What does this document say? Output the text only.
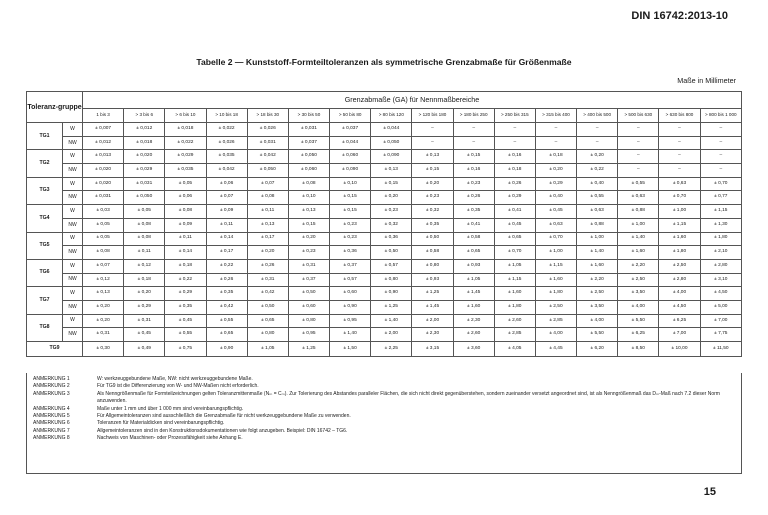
DIN 16742:2013-10
Tabelle 2 — Kunststoff-Formteiltoleranzen als symmetrische Grenzabmaße für Größenmaße
Maße in Millimeter
Toleranz-gruppe		Grenzabmaße (GA) für Nennmaßbereiche															
		1 bis 3	> 3 bis 6	> 6 bis 10	> 10 bis 18	> 18 bis 30	> 30 bis 50	> 50 bis 80	> 80 bis 120	> 120 bis 180	> 180 bis 250	> 250 bis 315	> 315 bis 400	> 400 bis 500	> 500 bis 630	> 630 bis 800	> 800 bis 1 000
TG1	W	± 0,007	± 0,012	± 0,018	± 0,022	± 0,026	± 0,031	± 0,037	± 0,044	–	–	–	–	–	–	–	–
	NW	± 0,012	± 0,018	± 0,022	± 0,026	± 0,031	± 0,037	± 0,044	± 0,050	–	–	–	–	–	–	–	–
TG2	W	± 0,013	± 0,020	± 0,029	± 0,035	± 0,042	± 0,050	± 0,060	± 0,090	± 0,13	± 0,15	± 0,16	± 0,18	± 0,20	–	–	–
	NW	± 0,020	± 0,029	± 0,035	± 0,042	± 0,050	± 0,060	± 0,090	± 0,13	± 0,15	± 0,16	± 0,18	± 0,20	± 0,22	–	–	–
TG3	W	± 0,020	± 0,031	± 0,05	± 0,06	± 0,07	± 0,08	± 0,10	± 0,15	± 0,20	± 0,23	± 0,26	± 0,29	± 0,40	± 0,55	± 0,63	± 0,70
	NW	± 0,031	± 0,050	± 0,06	± 0,07	± 0,08	± 0,10	± 0,15	± 0,20	± 0,23	± 0,26	± 0,29	± 0,40	± 0,55	± 0,63	± 0,70	± 0,77
TG4	W	± 0,03	± 0,05	± 0,08	± 0,09	± 0,11	± 0,13	± 0,15	± 0,23	± 0,32	± 0,35	± 0,41	± 0,45	± 0,63	± 0,88	± 1,00	± 1,15
	NW	± 0,05	± 0,08	± 0,09	± 0,11	± 0,13	± 0,15	± 0,23	± 0,32	± 0,35	± 0,41	± 0,45	± 0,63	± 0,88	± 1,00	± 1,15	± 1,30
TG5	W	± 0,05	± 0,08	± 0,11	± 0,14	± 0,17	± 0,20	± 0,23	± 0,36	± 0,50	± 0,58	± 0,65	± 0,70	± 1,00	± 1,40	± 1,60	± 1,80
	NW	± 0,08	± 0,11	± 0,14	± 0,17	± 0,20	± 0,23	± 0,36	± 0,50	± 0,58	± 0,65	± 0,70	± 1,00	± 1,40	± 1,60	± 1,80	± 2,10
TG6	W	± 0,07	± 0,12	± 0,18	± 0,22	± 0,26	± 0,31	± 0,37	± 0,57	± 0,80	± 0,93	± 1,05	± 1,15	± 1,60	± 2,20	± 2,50	± 2,80
	NW	± 0,12	± 0,18	± 0,22	± 0,26	± 0,31	± 0,37	± 0,57	± 0,80	± 0,93	± 1,05	± 1,15	± 1,60	± 2,20	± 2,50	± 2,80	± 3,10
TG7	W	± 0,13	± 0,20	± 0,29	± 0,35	± 0,42	± 0,50	± 0,60	± 0,90	± 1,25	± 1,45	± 1,60	± 1,80	± 2,50	± 3,50	± 4,00	± 4,50
	NW	± 0,20	± 0,29	± 0,35	± 0,42	± 0,50	± 0,60	± 0,90	± 1,25	± 1,45	± 1,60	± 1,80	± 2,50	± 3,50	± 4,00	± 4,50	± 5,00
TG8	W	± 0,20	± 0,31	± 0,45	± 0,55	± 0,65	± 0,80	± 0,95	± 1,40	± 2,00	± 2,30	± 2,60	± 2,85	± 4,00	± 5,50	± 6,25	± 7,00
	NW	± 0,31	± 0,45	± 0,55	± 0,65	± 0,80	± 0,95	± 1,40	± 2,00	± 2,30	± 2,60	± 2,85	± 4,00	± 5,50	± 6,25	± 7,00	± 7,75
TG9		± 0,30	± 0,49	± 0,75	± 0,90	± 1,05	± 1,25	± 1,50	± 2,25	± 3,15	± 3,60	± 4,05	± 4,45	± 6,20	± 8,50	± 10,00	± 11,50
ANMERKUNG 1	W: werkzeuggebundene Maße, NW: nicht werkzeuggebundene Maße.
ANMERKUNG 2	Für TG9 ist die Differenzierung von W- und NW-Maßen nicht erforderlich.
ANMERKUNG 3	Als Nenngrößenmaße für Formteilzeichnungen gelten Toleranzmittenmaße (Nₘ = Cₘ). Zur Tolerierung des Abstandes paralleler Flächen, die sich nicht direkt gegenüberstehen, sondern zueinander versetzt angeordnet sind, ist als Nenngrößenmaß das Dₘ-Maß nach 7.2 dieser Norm anzuwenden.
ANMERKUNG 4	Maße unter 1 mm und über 1 000 mm sind vereinbarungspflichtig.
ANMERKUNG 5	Für Allgemeintoleranzen sind ausschließlich die Grenzabmaße für nicht werkzeuggebundene Maße zu verwenden.
ANMERKUNG 6	Toleranzen für Materialdicken sind vereinbarungspflichtig.
ANMERKUNG 7	Allgemeintoleranzen sind in den Konstruktionsdokumentationen wie folgt anzugeben. Beispiel: DIN 16742 – TG6.
ANMERKUNG 8	Nachweis von Maschinen- oder Prozessfähigkeit siehe Anhang E.
15
